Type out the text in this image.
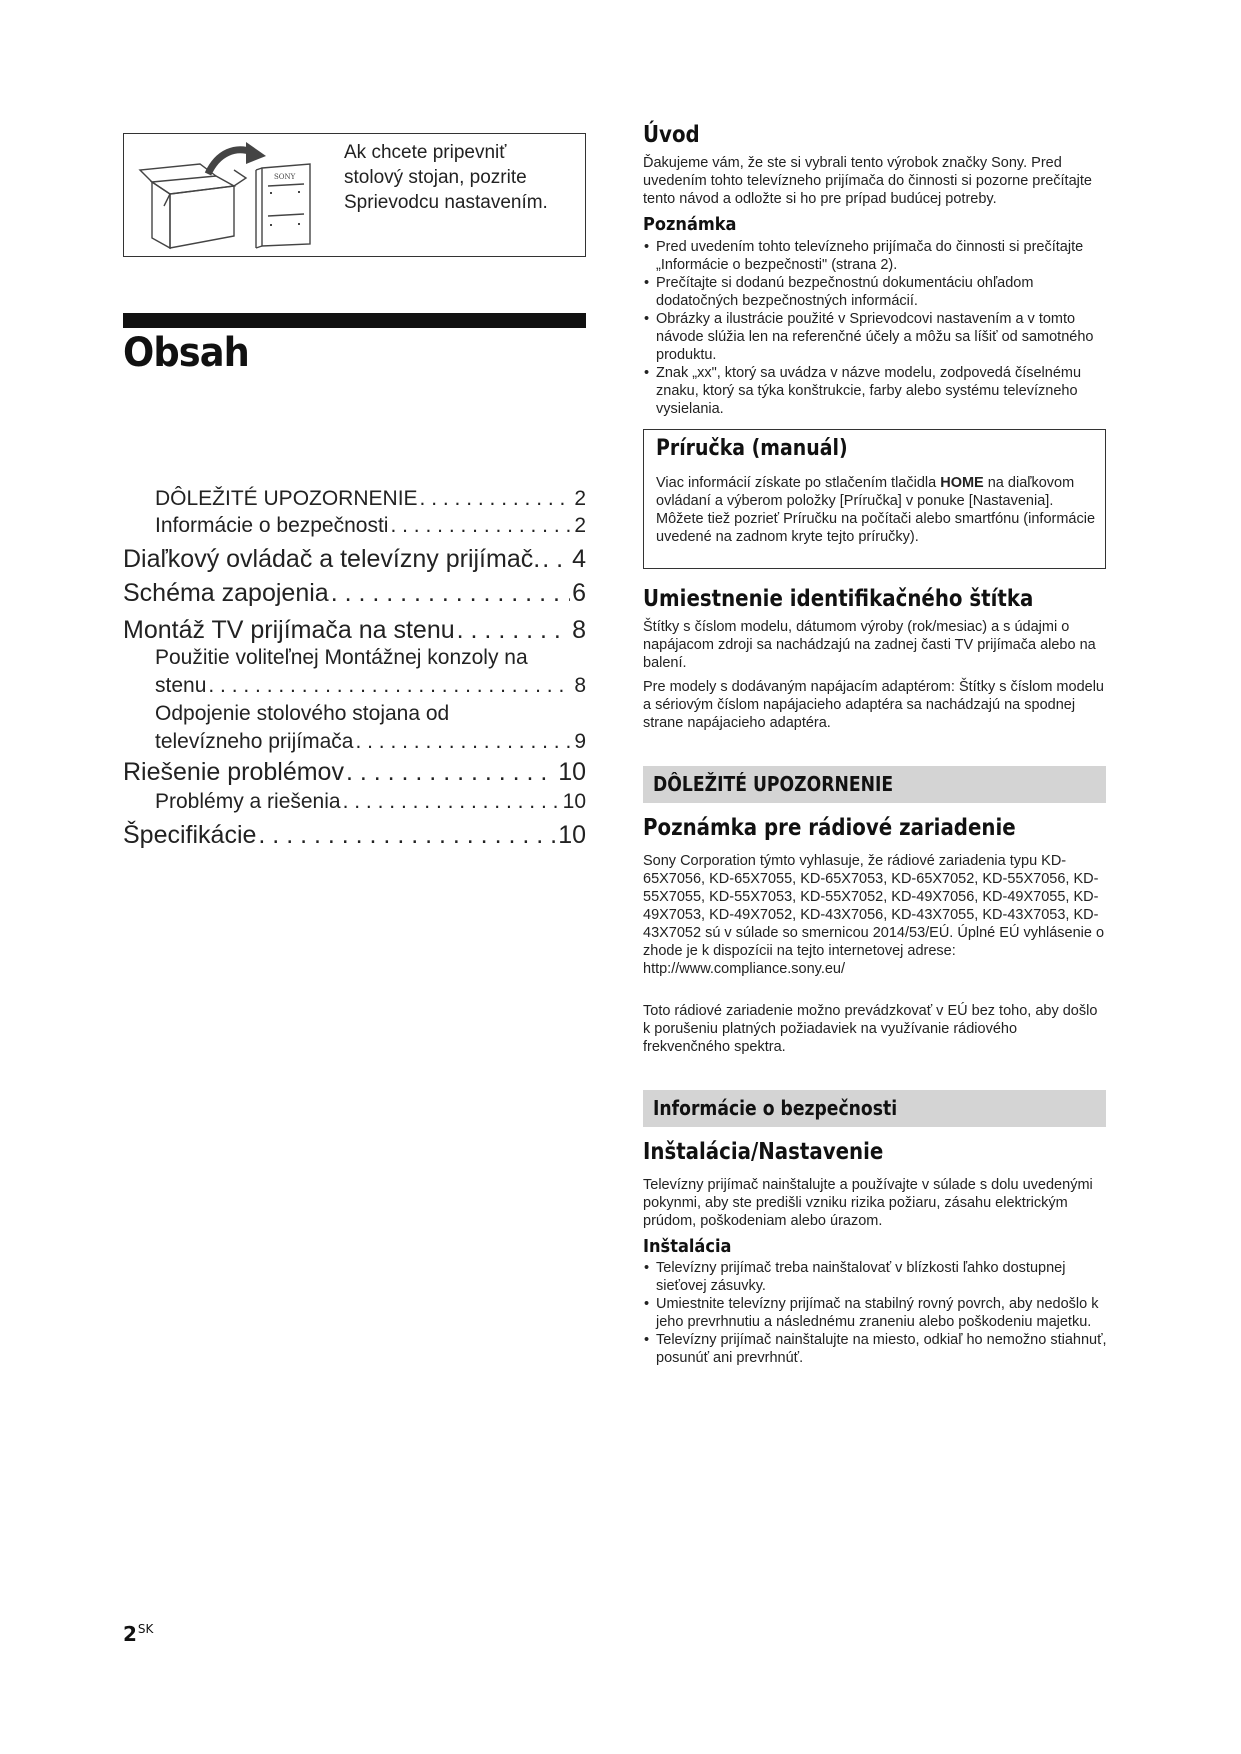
SONY
Ak chcete pripevniť
stolový stojan, pozrite
Sprievodcu nastavením.
Obsah
DÔLEŽITÉ UPOZORNENIE . . .	2
Informácie o bezpečnosti . . .	2
Diaľkový ovládač a televízny prijímač. . . . 4
Schéma zapojenia . . .	6
Montáž TV prijímača na stenu . . .	8
Použitie voliteľnej Montážnej konzoly na
stenu . . .	8
Odpojenie stolového stojana od
televízneho prijímača . . .	9
Riešenie problémov . . .	10
Problémy a riešenia . . .	10
Špecifikácie . . .	10
Úvod
Ďakujeme vám, že ste si vybrali tento výrobok značky Sony. Pred uvedením tohto televízneho prijímača do činnosti si pozorne prečítajte tento návod a odložte si ho pre prípad budúcej potreby.
Poznámka
• Pred uvedením tohto televízneho prijímača do činnosti si prečítajte „Informácie o bezpečnosti" (strana 2).
• Prečítajte si dodanú bezpečnostnú dokumentáciu ohľadom dodatočných bezpečnostných informácií.
• Obrázky a ilustrácie použité v Sprievodcovi nastavením a v tomto návode slúžia len na referenčné účely a môžu sa líšiť od samotného produktu.
• Znak „xx", ktorý sa uvádza v názve modelu, zodpovedá číselnému znaku, ktorý sa týka konštrukcie, farby alebo systému televízneho vysielania.
Príručka (manuál)
Viac informácií získate po stlačením tlačidla HOME na diaľkovom ovládaní a výberom položky [Príručka] v ponuke [Nastavenia]. Môžete tiež pozrieť Príručku na počítači alebo smartfónu (informácie uvedené na zadnom kryte tejto príručky).
Umiestnenie identifikačného štítka
Štítky s číslom modelu, dátumom výroby (rok/mesiac) a s údajmi o napájacom zdroji sa nachádzajú na zadnej časti TV prijímača alebo na balení.
Pre modely s dodávaným napájacím adaptérom: Štítky s číslom modelu a sériovým číslom napájacieho adaptéra sa nachádzajú na spodnej strane napájacieho adaptéra.
DÔLEŽITÉ UPOZORNENIE
Poznámka pre rádiové zariadenie
Sony Corporation týmto vyhlasuje, že rádiové zariadenia typu KD-65X7056, KD-65X7055, KD-65X7053, KD-65X7052, KD-55X7056, KD-55X7055, KD-55X7053, KD-55X7052, KD-49X7056, KD-49X7055, KD-49X7053, KD-49X7052, KD-43X7056, KD-43X7055, KD-43X7053, KD-43X7052 sú v súlade so smernicou 2014/53/EÚ. Úplné EÚ vyhlásenie o zhode je k dispozícii na tejto internetovej adrese: http://www.compliance.sony.eu/
Toto rádiové zariadenie možno prevádzkovať v EÚ bez toho, aby došlo k porušeniu platných požiadaviek na využívanie rádiového frekvenčného spektra.
Informácie o bezpečnosti
Inštalácia/Nastavenie
Televízny prijímač nainštalujte a používajte v súlade s dolu uvedenými pokynmi, aby ste predišli vzniku rizika požiaru, zásahu elektrickým prúdom, poškodeniam alebo úrazom.
Inštalácia
• Televízny prijímač treba nainštalovať v blízkosti ľahko dostupnej sieťovej zásuvky.
• Umiestnite televízny prijímač na stabilný rovný povrch, aby nedošlo k jeho prevrhnutiu a následnému zraneniu alebo poškodeniu majetku.
• Televízny prijímač nainštalujte na miesto, odkiaľ ho nemožno stiahnuť, posunúť ani prevrhnúť.
$2^{SK}$
